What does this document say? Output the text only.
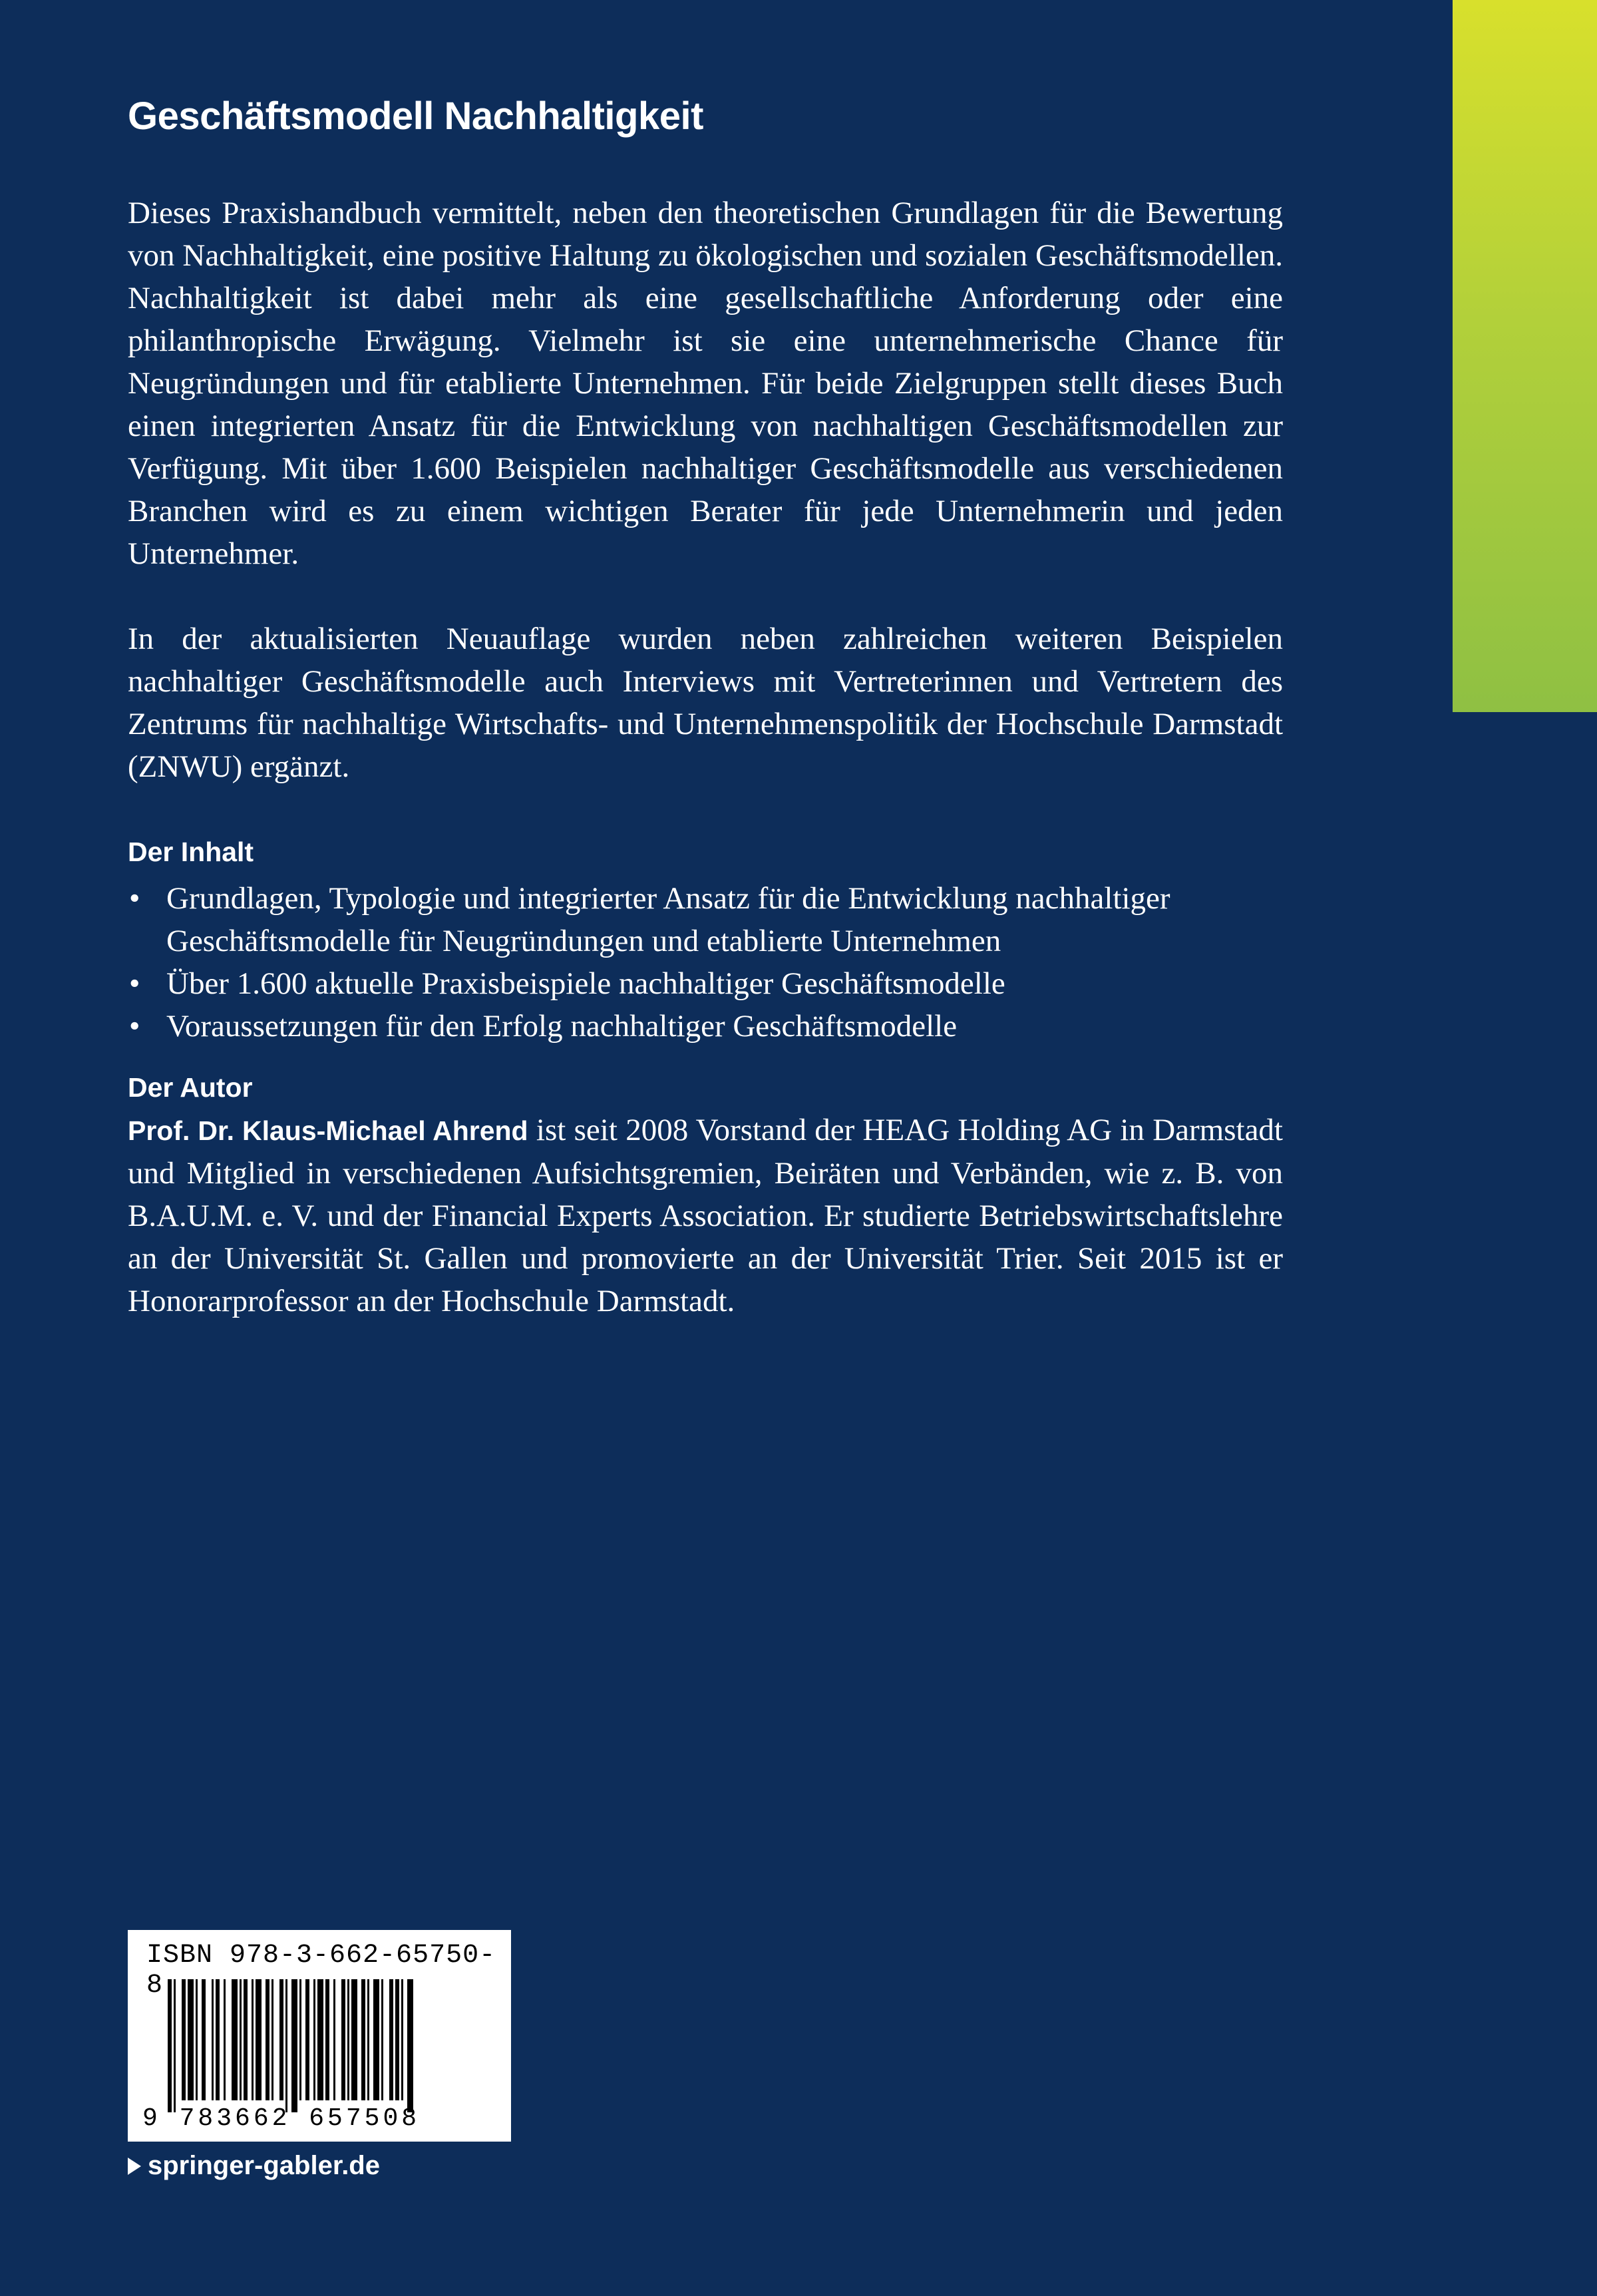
Geschäftsmodell Nachhaltigkeit

Dieses Praxishandbuch vermittelt, neben den theoretischen Grundlagen für die Bewertung von Nachhaltigkeit, eine positive Haltung zu ökologischen und sozialen Geschäftsmodellen. Nachhaltigkeit ist dabei mehr als eine gesellschaftliche Anforderung oder eine philanthropische Erwägung. Vielmehr ist sie eine unternehmerische Chance für Neugründungen und für etablierte Unternehmen. Für beide Zielgruppen stellt dieses Buch einen integrierten Ansatz für die Entwicklung von nachhaltigen Geschäftsmodellen zur Verfügung. Mit über 1.600 Beispielen nachhaltiger Geschäftsmodelle aus verschiedenen Branchen wird es zu einem wichtigen Berater für jede Unternehmerin und jeden Unternehmer.

In der aktualisierten Neuauflage wurden neben zahlreichen weiteren Beispielen nachhaltiger Geschäftsmodelle auch Interviews mit Vertreterinnen und Vertretern des Zentrums für nachhaltige Wirtschafts- und Unternehmenspolitik der Hochschule Darmstadt (ZNWU) ergänzt.

Der Inhalt
• Grundlagen, Typologie und integrierter Ansatz für die Entwicklung nachhaltiger Geschäftsmodelle für Neugründungen und etablierte Unternehmen
• Über 1.600 aktuelle Praxisbeispiele nachhaltiger Geschäftsmodelle
• Voraussetzungen für den Erfolg nachhaltiger Geschäftsmodelle
Der Autor

Prof. Dr. Klaus-Michael Ahrend ist seit 2008 Vorstand der HEAG Holding AG in Darmstadt und Mitglied in verschiedenen Aufsichtsgremien, Beiräten und Verbänden, wie z. B. von B.A.U.M. e. V. und der Financial Experts Association. Er studierte Betriebswirtschaftslehre an der Universität St. Gallen und promovierte an der Universität Trier. Seit 2015 ist er Honorarprofessor an der Hochschule Darmstadt.

ISBN 978-3-662-65750-8
9 783662 657508
springer-gabler.de
